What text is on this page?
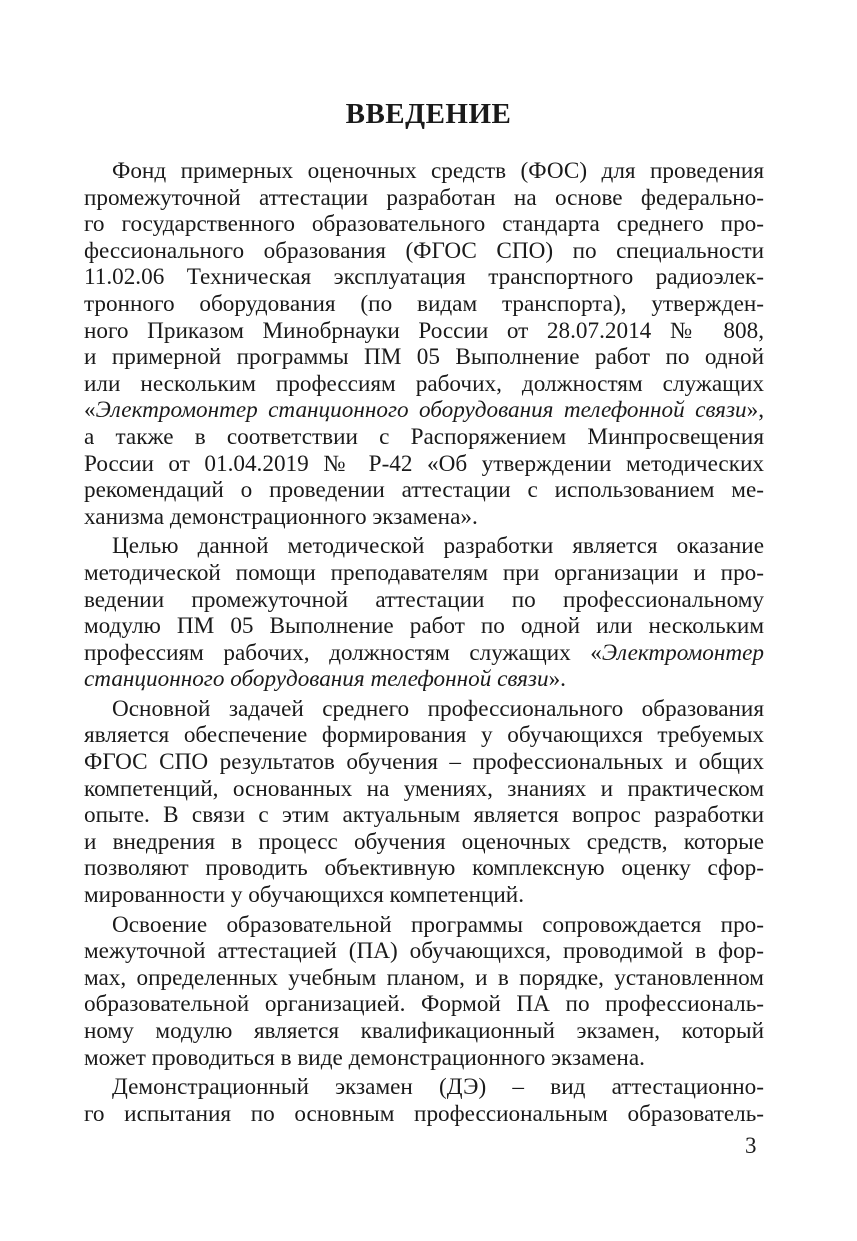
ВВЕДЕНИЕ
Фонд примерных оценочных средств (ФОС) для проведения
промежуточной аттестации разработан на основе федерально-
го государственного образовательного стандарта среднего про-
фессионального образования (ФГОС СПО) по специальности
11.02.06 Техническая эксплуатация транспортного радиоэлек-
тронного оборудования (по видам транспорта), утвержден-
ного Приказом Минобрнауки России от 28.07.2014 № 808,
и примерной программы ПМ 05 Выполнение работ по одной
или нескольким профессиям рабочих, должностям служащих
«Электромонтер станционного оборудования телефонной связи»,
а также в соответствии с Распоряжением Минпросвещения
России от 01.04.2019 № Р-42 «Об утверждении методических
рекомендаций о проведении аттестации с использованием ме-
ханизма демонстрационного экзамена».
Целью данной методической разработки является оказание
методической помощи преподавателям при организации и про-
ведении промежуточной аттестации по профессиональному
модулю ПМ 05 Выполнение работ по одной или нескольким
профессиям рабочих, должностям служащих «Электромонтер
станционного оборудования телефонной связи».
Основной задачей среднего профессионального образования
является обеспечение формирования у обучающихся требуемых
ФГОС СПО результатов обучения – профессиональных и общих
компетенций, основанных на умениях, знаниях и практическом
опыте. В связи с этим актуальным является вопрос разработки
и внедрения в процесс обучения оценочных средств, которые
позволяют проводить объективную комплексную оценку сфор-
мированности у обучающихся компетенций.
Освоение образовательной программы сопровождается про-
межуточной аттестацией (ПА) обучающихся, проводимой в фор-
мах, определенных учебным планом, и в порядке, установленном
образовательной организацией. Формой ПА по профессиональ-
ному модулю является квалификационный экзамен, который
может проводиться в виде демонстрационного экзамена.
Демонстрационный экзамен (ДЭ) – вид аттестационно-
го испытания по основным профессиональным образователь-
3
